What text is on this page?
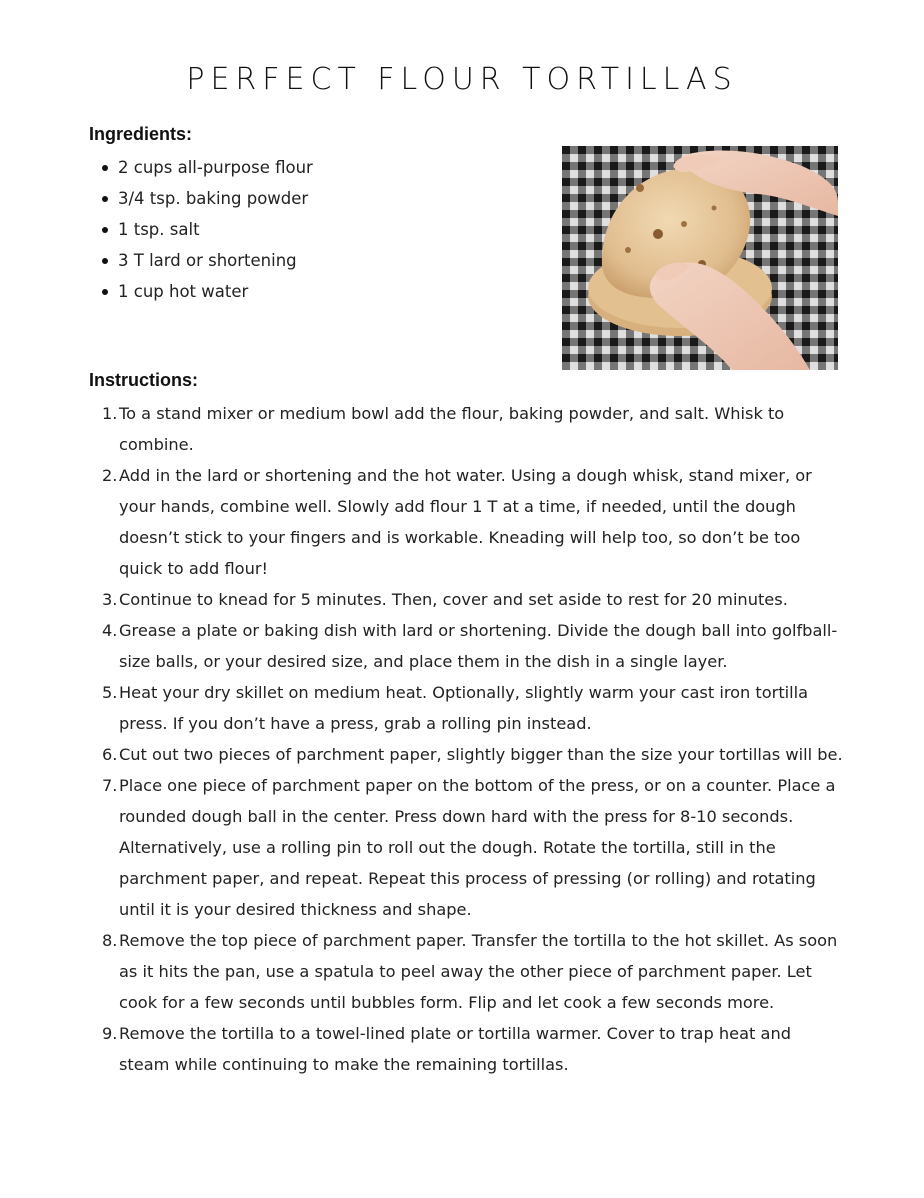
PERFECT FLOUR TORTILLAS
Ingredients:
2 cups all-purpose flour
3/4 tsp. baking powder
1 tsp. salt
3 T lard or shortening
1 cup hot water
Instructions:
1. To a stand mixer or medium bowl add the flour, baking powder, and salt. Whisk to combine.
2. Add in the lard or shortening and the hot water. Using a dough whisk, stand mixer, or your hands, combine well. Slowly add flour 1 T at a time, if needed, until the dough doesn’t stick to your fingers and is workable. Kneading will help too, so don’t be too quick to add flour!
3. Continue to knead for 5 minutes. Then, cover and set aside to rest for 20 minutes.
4. Grease a plate or baking dish with lard or shortening. Divide the dough ball into golfball-size balls, or your desired size, and place them in the dish in a single layer.
5. Heat your dry skillet on medium heat. Optionally, slightly warm your cast iron tortilla press. If you don’t have a press, grab a rolling pin instead.
6. Cut out two pieces of parchment paper, slightly bigger than the size your tortillas will be.
7. Place one piece of parchment paper on the bottom of the press, or on a counter. Place a rounded dough ball in the center. Press down hard with the press for 8-10 seconds. Alternatively, use a rolling pin to roll out the dough. Rotate the tortilla, still in the parchment paper, and repeat. Repeat this process of pressing (or rolling) and rotating until it is your desired thickness and shape.
8. Remove the top piece of parchment paper. Transfer the tortilla to the hot skillet. As soon as it hits the pan, use a spatula to peel away the other piece of parchment paper. Let cook for a few seconds until bubbles form. Flip and let cook a few seconds more.
9. Remove the tortilla to a towel-lined plate or tortilla warmer. Cover to trap heat and steam while continuing to make the remaining tortillas.
